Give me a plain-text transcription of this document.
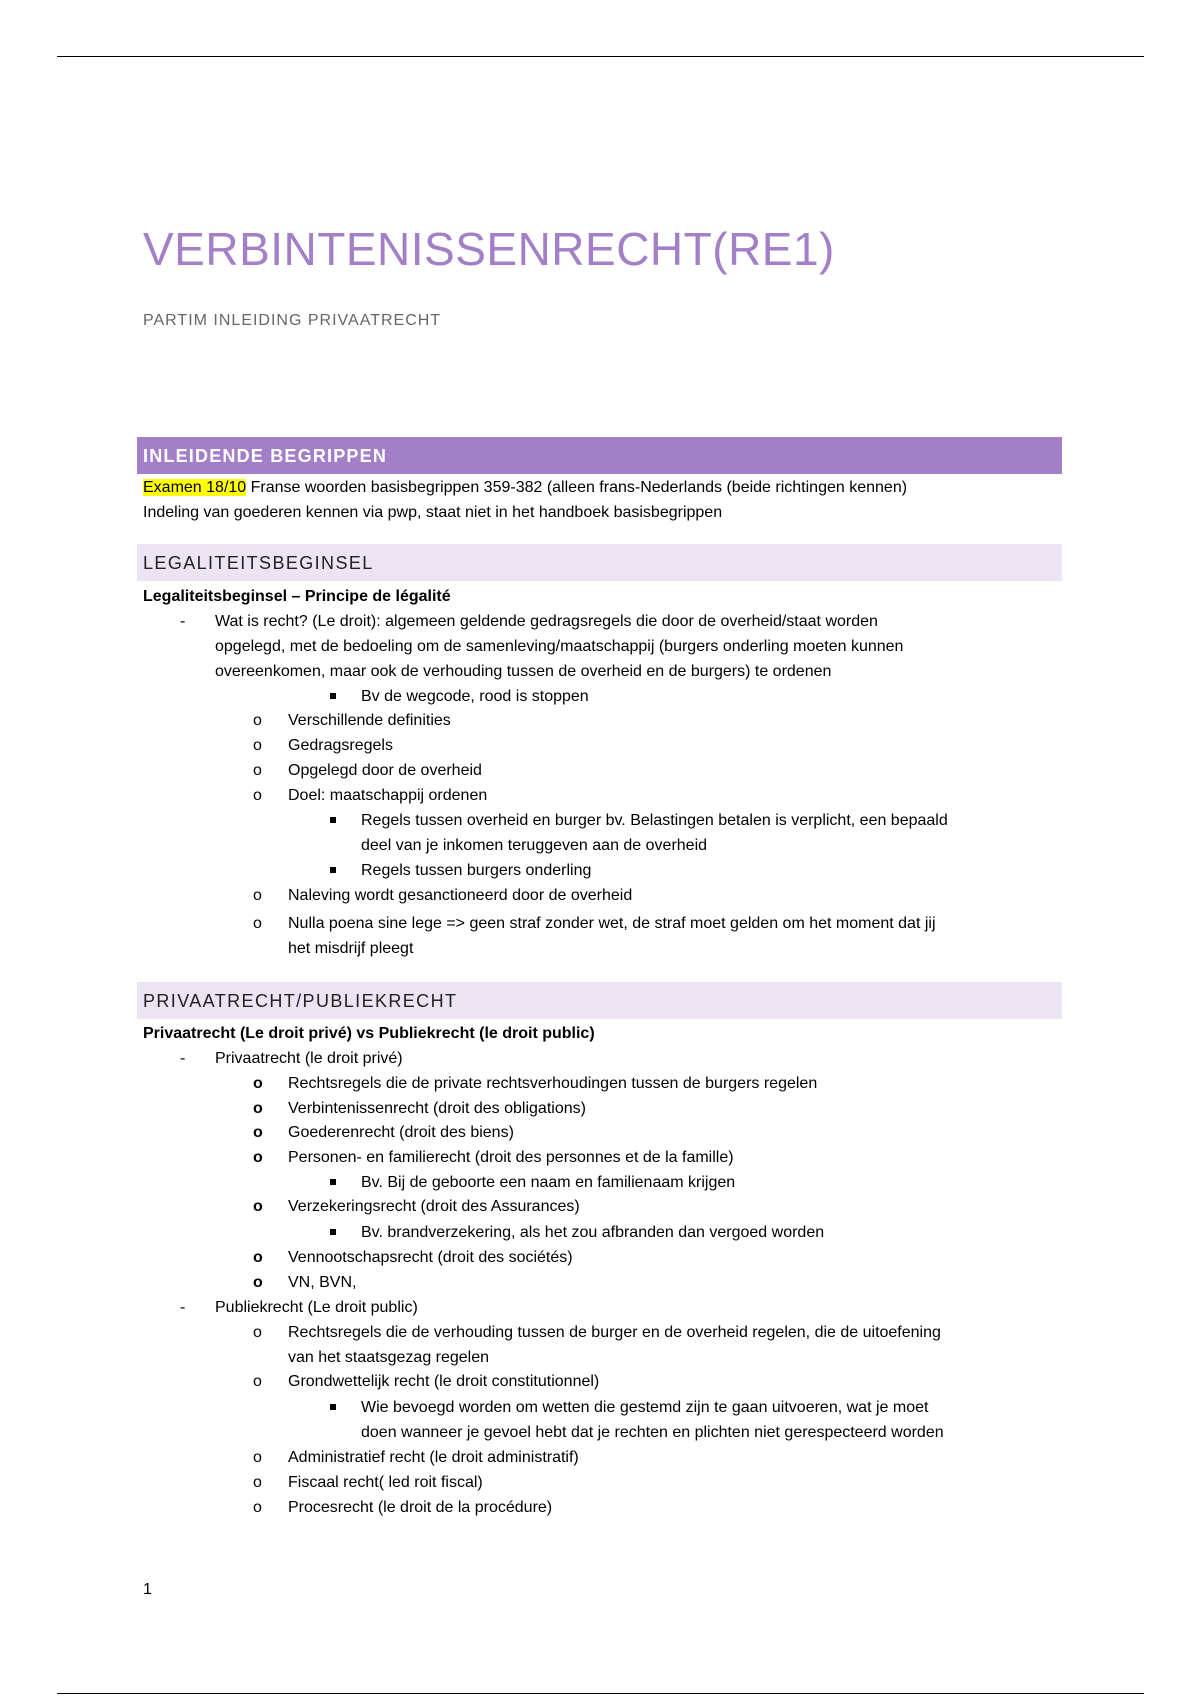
VERBINTENISSENRECHT(RE1)
PARTIM INLEIDING PRIVAATRECHT
INLEIDENDE BEGRIPPEN
Examen 18/10 Franse woorden basisbegrippen 359-382 (alleen frans-Nederlands (beide richtingen kennen)
Indeling van goederen kennen via pwp, staat niet in het handboek basisbegrippen
LEGALITEITSBEGINSEL
Legaliteitsbeginsel – Principe de légalité
- Wat is recht? (Le droit): algemeen geldende gedragsregels die door de overheid/staat worden
opgelegd, met de bedoeling om de samenleving/maatschappij (burgers onderling moeten kunnen
overeenkomen, maar ook de verhouding tussen de overheid en de burgers) te ordenen
Bv de wegcode, rood is stoppen
o Verschillende definities
o Gedragsregels
o Opgelegd door de overheid
o Doel: maatschappij ordenen
Regels tussen overheid en burger bv. Belastingen betalen is verplicht, een bepaald
deel van je inkomen teruggeven aan de overheid
Regels tussen burgers onderling
o Naleving wordt gesanctioneerd door de overheid
o Nulla poena sine lege => geen straf zonder wet, de straf moet gelden om het moment dat jij
het misdrijf pleegt
PRIVAATRECHT/PUBLIEKRECHT
Privaatrecht (Le droit privé) vs Publiekrecht (le droit public)
- Privaatrecht (le droit privé)
o Rechtsregels die de private rechtsverhoudingen tussen de burgers regelen
o Verbintenissenrecht (droit des obligations)
o Goederenrecht (droit des biens)
o Personen- en familierecht (droit des personnes et de la famille)
Bv. Bij de geboorte een naam en familienaam krijgen
o Verzekeringsrecht (droit des Assurances)
Bv. brandverzekering, als het zou afbranden dan vergoed worden
o Vennootschapsrecht (droit des sociétés)
o VN, BVN,
- Publiekrecht (Le droit public)
o Rechtsregels die de verhouding tussen de burger en de overheid regelen, die de uitoefening
van het staatsgezag regelen
o Grondwettelijk recht (le droit constitutionnel)
Wie bevoegd worden om wetten die gestemd zijn te gaan uitvoeren, wat je moet
doen wanneer je gevoel hebt dat je rechten en plichten niet gerespecteerd worden
o Administratief recht (le droit administratif)
o Fiscaal recht( led roit fiscal)
o Procesrecht (le droit de la procédure)
1
